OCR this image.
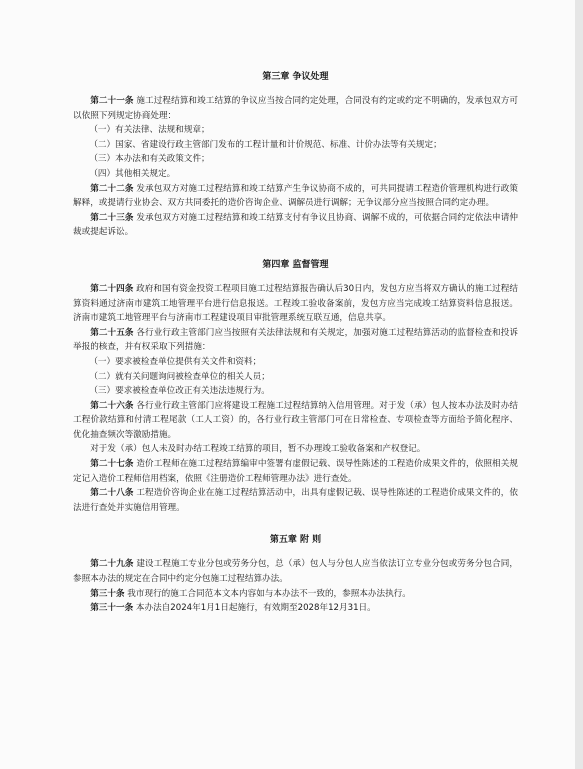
第三章 争议处理

第二十一条 施工过程结算和竣工结算的争议应当按合同约定处理，合同没有约定或约定不明确的，发承包双方可以依照下列规定协商处理：

（一）有关法律、法规和规章；

（二）国家、省建设行政主管部门发布的工程计量和计价规范、标准、计价办法等有关规定；

（三）本办法和有关政策文件；

（四）其他相关规定。

第二十二条 发承包双方对施工过程结算和竣工结算产生争议协商不成的，可共同提请工程造价管理机构进行政策解释，或提请行业协会、双方共同委托的造价咨询企业、调解员进行调解；无争议部分应当按照合同约定办理。

第二十三条 发承包双方对施工过程结算和竣工结算支付有争议且协商、调解不成的，可依据合同约定依法申请仲裁或提起诉讼。

第四章 监督管理

第二十四条 政府和国有资金投资工程项目施工过程结算报告确认后30日内，发包方应当将双方确认的施工过程结算资料通过济南市建筑工地管理平台进行信息报送。工程竣工验收备案前，发包方应当完成竣工结算资料信息报送。济南市建筑工地管理平台与济南市工程建设项目审批管理系统互联互通，信息共享。

第二十五条 各行业行政主管部门应当按照有关法律法规和有关规定，加强对施工过程结算活动的监督检查和投诉举报的核查，并有权采取下列措施：

（一）要求被检查单位提供有关文件和资料；

（二）就有关问题询问被检查单位的相关人员；

（三）要求被检查单位改正有关违法违规行为。

第二十六条 各行业行政主管部门应将建设工程施工过程结算纳入信用管理。对于发（承）包人按本办法及时办结工程价款结算和付清工程尾款（工人工资）的，各行业行政主管部门可在日常检查、专项检查等方面给予简化程序、优化抽查频次等激励措施。

对于发（承）包人未及时办结工程竣工结算的项目，暂不办理竣工验收备案和产权登记。

第二十七条 造价工程师在施工过程结算编审中签署有虚假记载、误导性陈述的工程造价成果文件的，依照相关规定记入造价工程师信用档案，依照《注册造价工程师管理办法》进行查处。

第二十八条 工程造价咨询企业在施工过程结算活动中，出具有虚假记载、误导性陈述的工程造价成果文件的，依法进行查处并实施信用管理。

第五章 附 则

第二十九条 建设工程施工专业分包或劳务分包，总（承）包人与分包人应当依法订立专业分包或劳务分包合同，参照本办法的规定在合同中约定分包施工过程结算办法。

第三十条 我市现行的施工合同范本文本内容如与本办法不一致的，参照本办法执行。

第三十一条 本办法自2024年1月1日起施行，有效期至2028年12月31日。
